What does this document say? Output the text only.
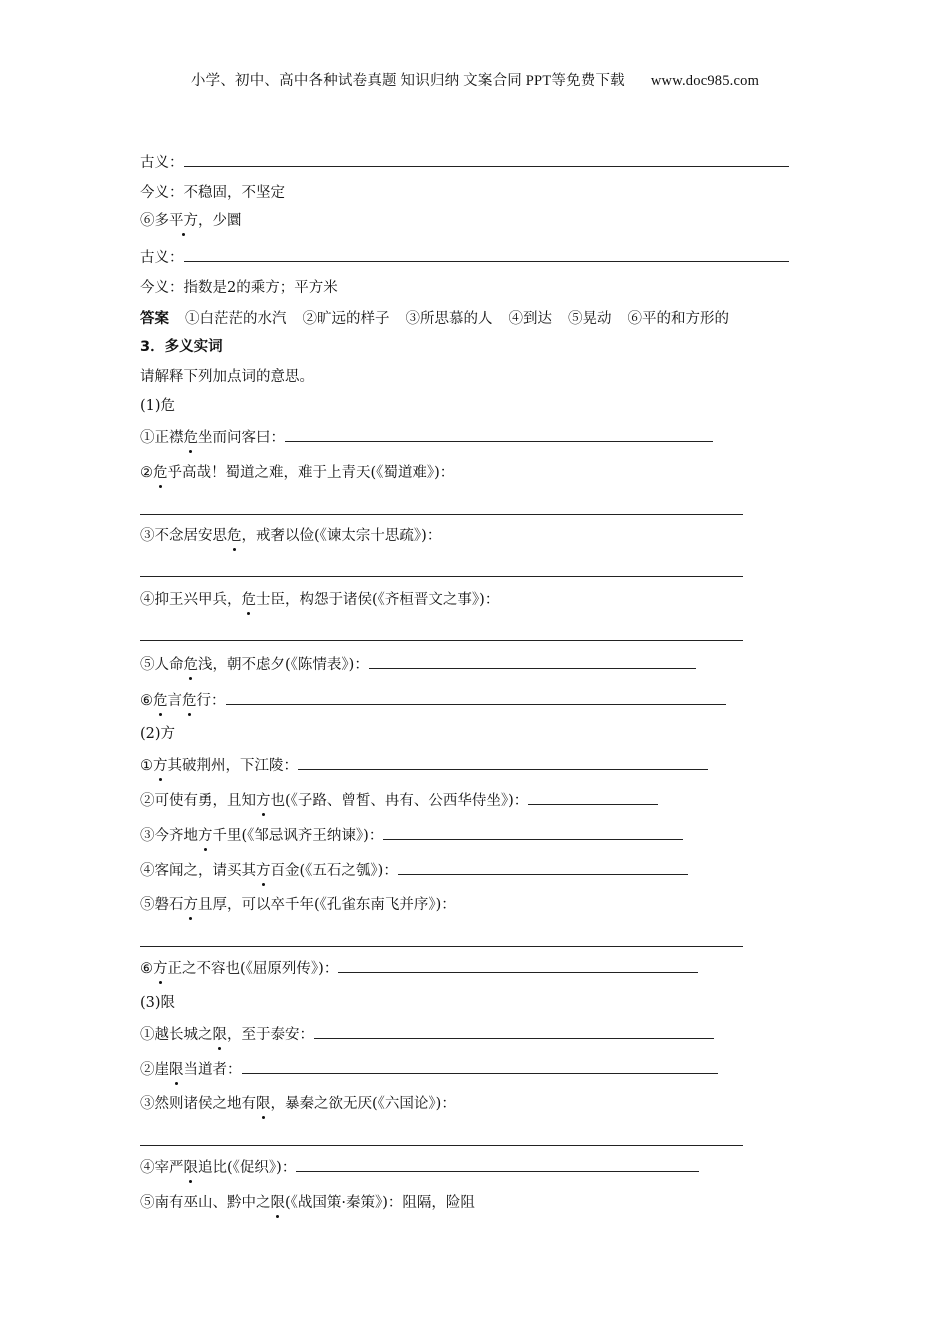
小学、初中、高中各种试卷真题 知识归纳 文案合同 PPT等免费下载 www.doc985.com
古义：
今义：不稳固，不坚定
⑥多平方，少圜
古义：
今义：指数是2的乘方；平方米
答案 ①白茫茫的水汽 ②旷远的样子 ③所思慕的人 ④到达 ⑤晃动 ⑥平的和方形的
3．多义实词
请解释下列加点词的意思。
(1)危
①正襟危坐而问客曰：
②危乎高哉！蜀道之难，难于上青天(《蜀道难》)：
③不念居安思危，戒奢以俭(《谏太宗十思疏》)：
④抑王兴甲兵，危士臣，构怨于诸侯(《齐桓晋文之事》)：
⑤人命危浅，朝不虑夕(《陈情表》)：
⑥危言危行：
(2)方
①方其破荆州，下江陵：
②可使有勇，且知方也(《子路、曾皙、冉有、公西华侍坐》)：
③今齐地方千里(《邹忌讽齐王纳谏》)：
④客闻之，请买其方百金(《五石之瓠》)：
⑤磐石方且厚，可以卒千年(《孔雀东南飞并序》)：
⑥方正之不容也(《屈原列传》)：
(3)限
①越长城之限，至于泰安：
②崖限当道者：
③然则诸侯之地有限，暴秦之欲无厌(《六国论》)：
④宰严限追比(《促织》)：
⑤南有巫山、黔中之限(《战国策·秦策》)：阻隔，险阻
